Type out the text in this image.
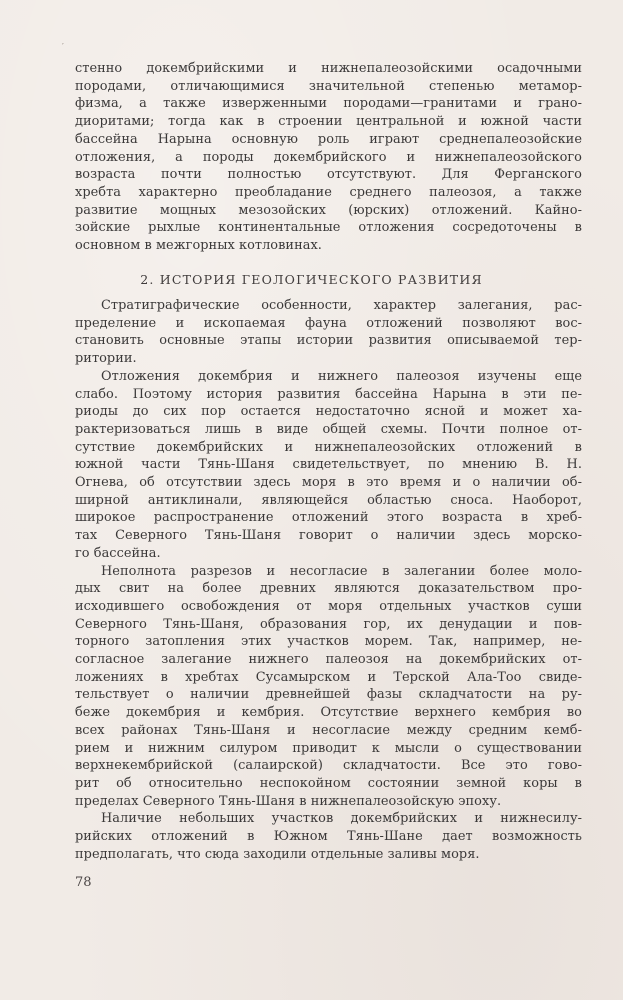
′
стенно докембрийскими и нижнепалеозойскими осадочными
породами, отличающимися значительной степенью метамор-
физма, а также изверженными породами—гранитами и грано-
диоритами; тогда как в строении центральной и южной части
бассейна Нарына основную роль играют среднепалеозойские
отложения, а породы докембрийского и нижнепалеозойского
возраста почти полностью отсутствуют. Для Ферганского
хребта характерно преобладание среднего палеозоя, а также
развитие мощных мезозойских (юрских) отложений. Кайно-
зойские рыхлые континентальные отложения сосредоточены в
основном в межгорных котловинах.
2. ИСТОРИЯ ГЕОЛОГИЧЕСКОГО РАЗВИТИЯ
Стратиграфические особенности, характер залегания, рас-
пределение и ископаемая фауна отложений позволяют вос-
становить основные этапы истории развития описываемой тер-
ритории.
Отложения докембрия и нижнего палеозоя изучены еще
слабо. Поэтому история развития бассейна Нарына в эти пе-
риоды до сих пор остается недостаточно ясной и может ха-
рактеризоваться лишь в виде общей схемы. Почти полное от-
сутствие докембрийских и нижнепалеозойских отложений в
южной части Тянь-Шаня свидетельствует, по мнению В. Н.
Огнева, об отсутствии здесь моря в это время и о наличии об-
ширной антиклинали, являющейся областью сноса. Наоборот,
широкое распространение отложений этого возраста в хреб-
тах Северного Тянь-Шаня говорит о наличии здесь морско-
го бассейна.
Неполнота разрезов и несогласие в залегании более моло-
дых свит на более древних являются доказательством про-
исходившего освобождения от моря отдельных участков суши
Северного Тянь-Шаня, образования гор, их денудации и пов-
торного затопления этих участков морем. Так, например, не-
согласное залегание нижнего палеозоя на докембрийских от-
ложениях в хребтах Сусамырском и Терской Ала-Тоо свиде-
тельствует о наличии древнейшей фазы складчатости на ру-
беже докембрия и кембрия. Отсутствие верхнего кембрия во
всех районах Тянь-Шаня и несогласие между средним кемб-
рием и нижним силуром приводит к мысли о существовании
верхнекембрийской (салаирской) складчатости. Все это гово-
рит об относительно неспокойном состоянии земной коры в
пределах Северного Тянь-Шаня в нижнепалеозойскую эпоху.
Наличие небольших участков докембрийских и нижнесилу-
рийских отложений в Южном Тянь-Шане дает возможность
предполагать, что сюда заходили отдельные заливы моря.
78
